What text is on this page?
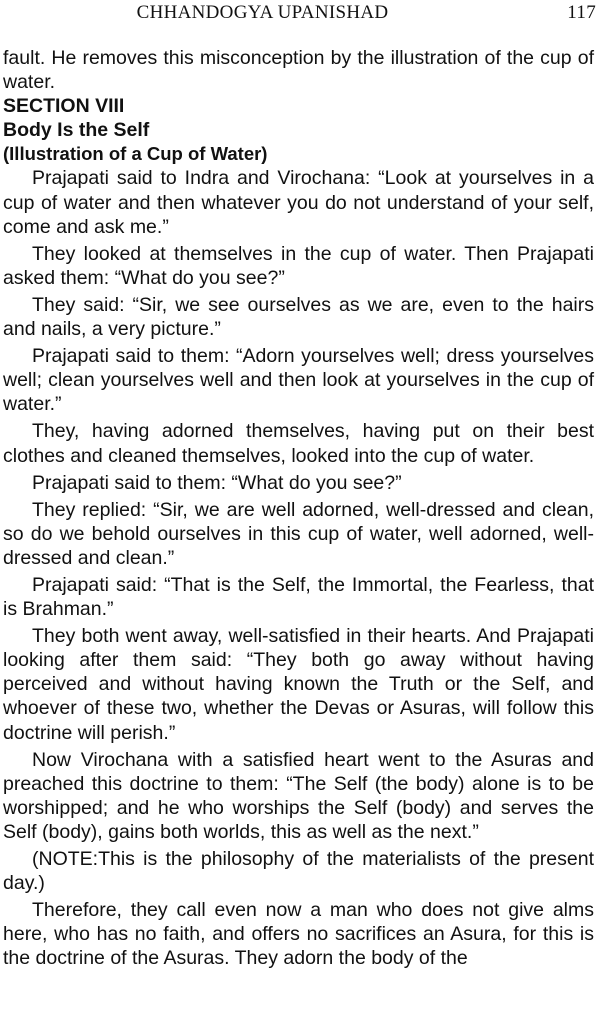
CHHANDOGYA UPANISHAD	117

fault. He removes this misconception by the illustration of the cup of water.

SECTION VIII

Body Is the Self

(Illustration of a Cup of Water)

Prajapati said to Indra and Virochana: “Look at yourselves in a cup of water and then whatever you do not understand of your self, come and ask me.”

They looked at themselves in the cup of water. Then Prajapati asked them: “What do you see?”

They said: “Sir, we see ourselves as we are, even to the hairs and nails, a very picture.”

Prajapati said to them: “Adorn yourselves well; dress yourselves well; clean yourselves well and then look at yourselves in the cup of water.”

They, having adorned themselves, having put on their best clothes and cleaned themselves, looked into the cup of water.

Prajapati said to them: “What do you see?”

They replied: “Sir, we are well adorned, well-dressed and clean, so do we behold ourselves in this cup of water, well adorned, well-dressed and clean.”

Prajapati said: “That is the Self, the Immortal, the Fearless, that is Brahman.”

They both went away, well-satisfied in their hearts. And Prajapati looking after them said: “They both go away without having perceived and without having known the Truth or the Self, and whoever of these two, whether the Devas or Asuras, will follow this doctrine will perish.”

Now Virochana with a satisfied heart went to the Asuras and preached this doctrine to them: “The Self (the body) alone is to be worshipped; and he who worships the Self (body) and serves the Self (body), gains both worlds, this as well as the next.”

(NOTE:This is the philosophy of the materialists of the present day.)

Therefore, they call even now a man who does not give alms here, who has no faith, and offers no sacrifices an Asura, for this is the doctrine of the Asuras. They adorn the body of the
